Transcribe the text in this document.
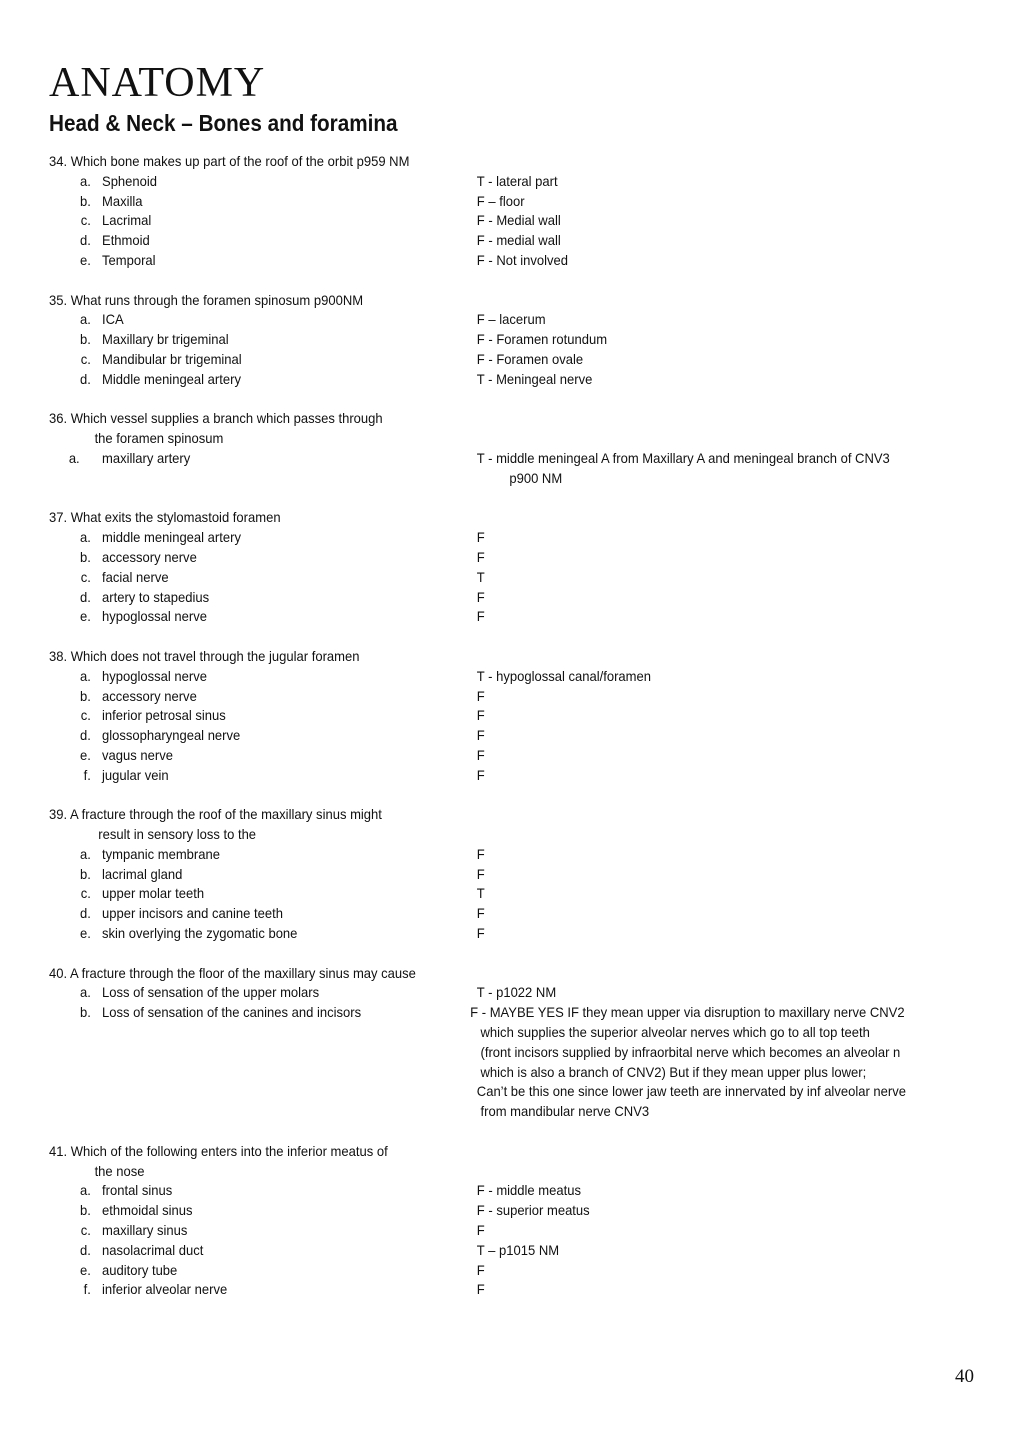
ANATOMY
Head & Neck – Bones and foramina
34. Which bone makes up part of the roof of the orbit p959 NM
a. Sphenoid	T - lateral part
b. Maxilla	F – floor
c. Lacrimal	F - Medial wall
d. Ethmoid	F - medial wall
e. Temporal	F - Not involved
35. What runs through the foramen spinosum p900NM
a. ICA	F – lacerum
b. Maxillary br trigeminal	F - Foramen rotundum
c. Mandibular br trigeminal	F - Foramen ovale
d. Middle meningeal artery	T - Meningeal nerve
36. Which vessel supplies a branch which passes through
the foramen spinosum
a.	maxillary artery	T - middle meningeal A from Maxillary A and meningeal branch of CNV3
p900 NM
37. What exits the stylomastoid foramen
a. middle meningeal artery	F
b. accessory nerve	F
c. facial nerve	T
d. artery to stapedius	F
e. hypoglossal nerve	F
38. Which does not travel through the jugular foramen
a. hypoglossal nerve	T - hypoglossal canal/foramen
b. accessory nerve	F
c. inferior petrosal sinus	F
d. glossopharyngeal nerve	F
e. vagus nerve	F
f. jugular vein	F
39. A fracture through the roof of the maxillary sinus might
result in sensory loss to the
a. tympanic membrane	F
b. lacrimal gland	F
c. upper molar teeth	T
d. upper incisors and canine teeth	F
e. skin overlying the zygomatic bone	F
40. A fracture through the floor of the maxillary sinus may cause
a. Loss of sensation of the upper molars	T - p1022 NM
b. Loss of sensation of the canines and incisors	F - MAYBE YES IF they mean upper via disruption to maxillary nerve CNV2
which supplies the superior alveolar nerves which go to all top teeth
(front incisors supplied by infraorbital nerve which becomes an alveolar n
which is also a branch of CNV2) But if they mean upper plus lower;
Can’t be this one since lower jaw teeth are innervated by inf alveolar nerve
from mandibular nerve CNV3
41. Which of the following enters into the inferior meatus of
the nose
a. frontal sinus	F - middle meatus
b. ethmoidal sinus	F - superior meatus
c. maxillary sinus	F
d. nasolacrimal duct	T – p1015 NM
e. auditory tube	F
f. inferior alveolar nerve	F
40
